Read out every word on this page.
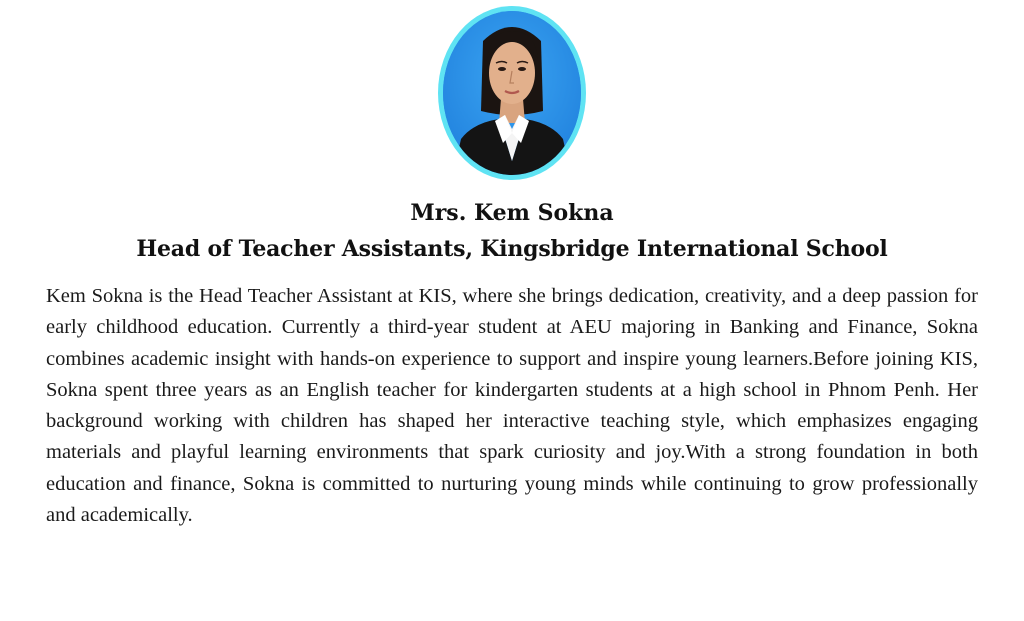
Mrs. Kem Sokna
Head of Teacher Assistants, Kingsbridge International School

Kem Sokna is the Head Teacher Assistant at KIS, where she brings dedication, creativity, and a deep passion for early childhood education. Currently a third-year student at AEU majoring in Banking and Finance, Sokna combines academic insight with hands-on experience to support and inspire young learners.Before joining KIS, Sokna spent three years as an English teacher for kindergarten students at a high school in Phnom Penh. Her background working with children has shaped her interactive teaching style, which emphasizes engaging materials and playful learning environments that spark curiosity and joy.With a strong foundation in both education and finance, Sokna is committed to nurturing young minds while continuing to grow professionally and academically.
